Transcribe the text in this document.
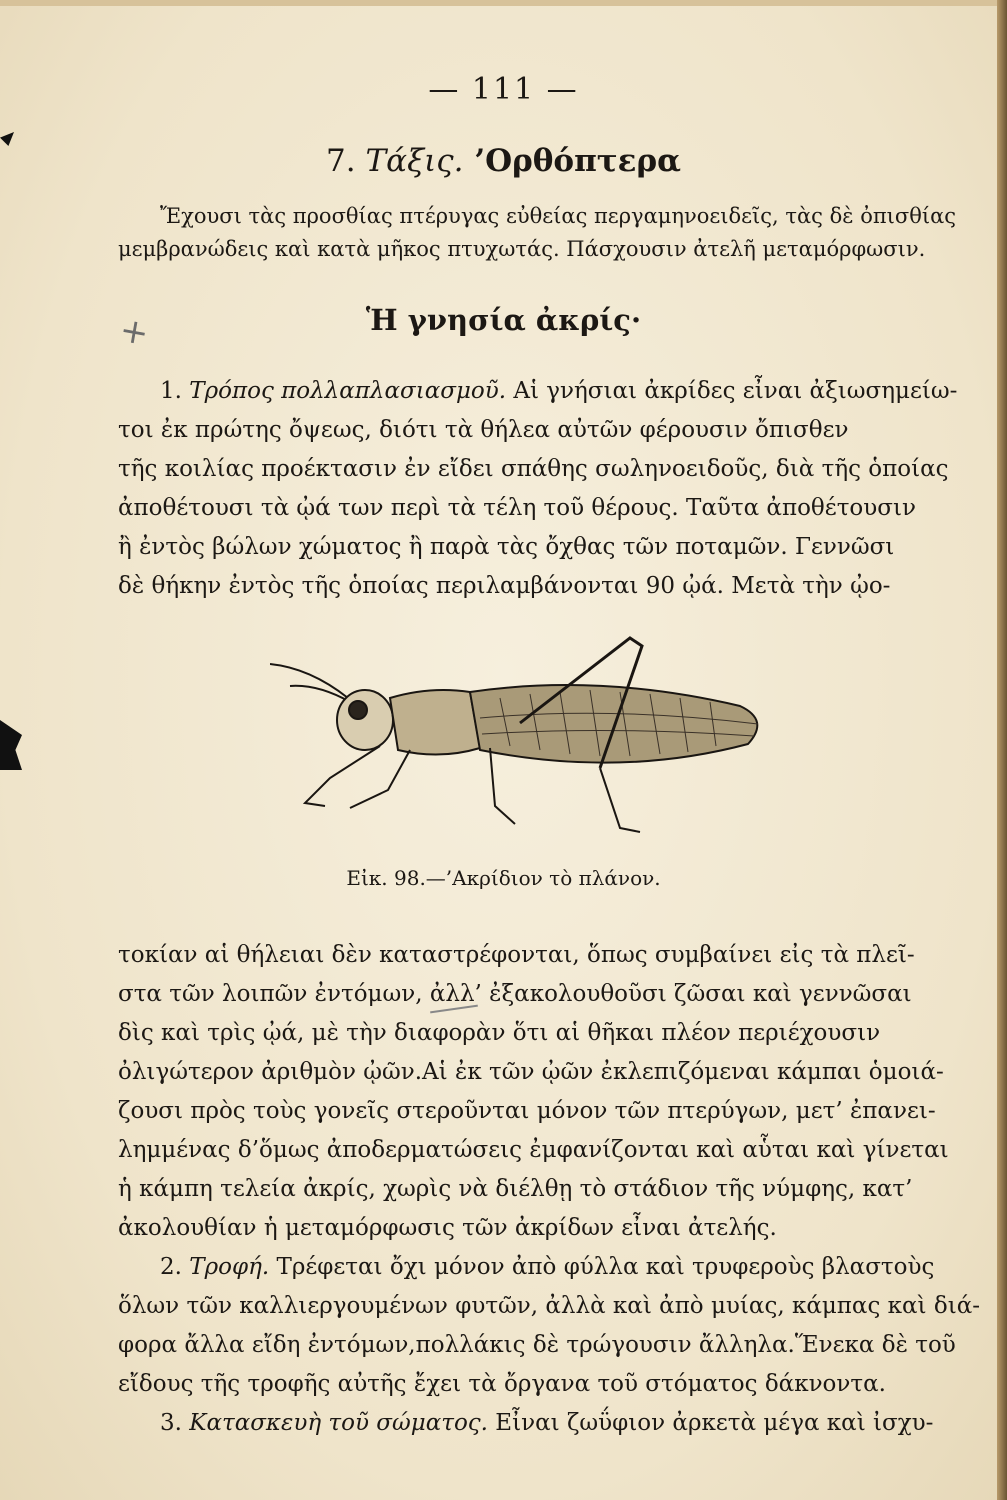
— 111 —
7. Τάξις. ’Ορθόπτερα
Ἔχουσι τὰς προσθίας πτέρυγας εὐθείας περγαμηνοειδεῖς, τὰς δὲ ὀπισθίας
μεμβρανώδεις καὶ κατὰ μῆκος πτυχωτάς. Πάσχουσιν ἀτελῆ μεταμόρφωσιν.
+	Ἡ γνησία ἀκρίς·
1. Τρόπος πολλαπλασιασμοῦ. Αἱ γνήσιαι ἀκρίδες εἶναι ἀξιωσημείω-
τοι ἐκ πρώτης ὄψεως, διότι τὰ θήλεα αὐτῶν φέρουσιν ὄπισθεν
τῆς κοιλίας προέκτασιν ἐν εἴδει σπάθης σωληνοειδοῦς, διὰ τῆς ὁποίας
ἀποθέτουσι τὰ ᾠά των περὶ τὰ τέλη τοῦ θέρους. Ταῦτα ἀποθέτουσιν
ἢ ἐντὸς βώλων χώματος ἢ παρὰ τὰς ὄχθας τῶν ποταμῶν. Γεννῶσι
δὲ θήκην ἐντὸς τῆς ὁποίας περιλαμβάνονται 90 ᾠά. Μετὰ τὴν ᾠο-
Εἰκ. 98.—’Ακρίδιον τὸ πλάνον.
τοκίαν αἱ θήλειαι δὲν καταστρέφονται, ὅπως συμβαίνει εἰς τὰ πλεῖ-
στα τῶν λοιπῶν ἐντόμων, ἀλλ’ ἐξακολουθοῦσι ζῶσαι καὶ γεννῶσαι
δὶς καὶ τρὶς ᾠά, μὲ τὴν διαφορὰν ὅτι αἱ θῆκαι πλέον περιέχουσιν
ὀλιγώτερον ἀριθμὸν ᾠῶν.Αἱ ἐκ τῶν ᾠῶν ἐκλεπιζόμεναι κάμπαι ὁμοιά-
ζουσι πρὸς τοὺς γονεῖς στεροῦνται μόνον τῶν πτερύγων, μετ’ ἐπανει-
λημμένας δ’ὅμως ἀποδερματώσεις ἐμφανίζονται καὶ αὗται καὶ γίνεται
ἡ κάμπη τελεία ἀκρίς, χωρὶς νὰ διέλθῃ τὸ στάδιον τῆς νύμφης, κατ’
ἀκολουθίαν ἡ μεταμόρφωσις τῶν ἀκρίδων εἶναι ἀτελής.
2. Τροφή. Τρέφεται ὄχι μόνον ἀπὸ φύλλα καὶ τρυφεροὺς βλαστοὺς
ὅλων τῶν καλλιεργουμένων φυτῶν, ἀλλὰ καὶ ἀπὸ μυίας, κάμπας καὶ διά-
φορα ἄλλα εἴδη ἐντόμων,πολλάκις δὲ τρώγουσιν ἄλληλα.Ἕνεκα δὲ τοῦ
εἴδους τῆς τροφῆς αὐτῆς ἔχει τὰ ὄργανα τοῦ στόματος δάκνοντα.
3. Κατασκευὴ τοῦ σώματος. Εἶναι ζωΰφιον ἀρκετὰ μέγα καὶ ἰσχυ-
